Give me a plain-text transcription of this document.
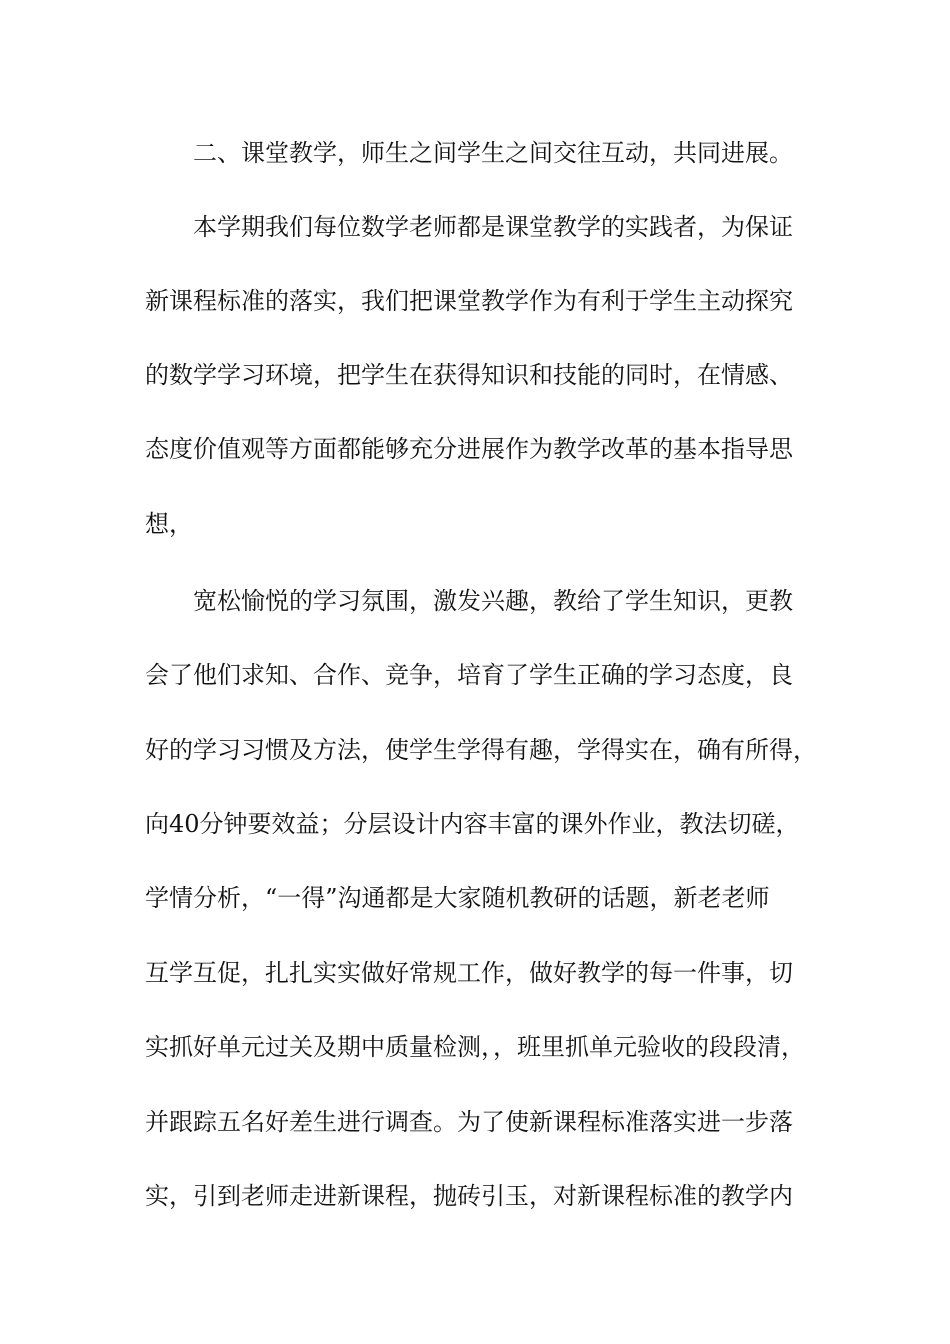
二、课堂教学，师生之间学生之间交往互动，共同进展。

本学期我们每位数学老师都是课堂教学的实践者，为保证

新课程标准的落实，我们把课堂教学作为有利于学生主动探究

的数学学习环境，把学生在获得知识和技能的同时，在情感、

态度价值观等方面都能够充分进展作为教学改革的基本指导思

想，

宽松愉悦的学习氛围，激发兴趣，教给了学生知识，更教

会了他们求知、合作、竞争，培育了学生正确的学习态度，良

好的学习习惯及方法，使学生学得有趣，学得实在，确有所得，

向40分钟要效益；分层设计内容丰富的课外作业，教法切磋，

学情分析，“一得”沟通都是大家随机教研的话题，新老老师

互学互促，扎扎实实做好常规工作，做好教学的每一件事，切

实抓好单元过关及期中质量检测，，班里抓单元验收的段段清，

并跟踪五名好差生进行调查。为了使新课程标准落实进一步落

实，引到老师走进新课程，抛砖引玉，对新课程标准的教学内
